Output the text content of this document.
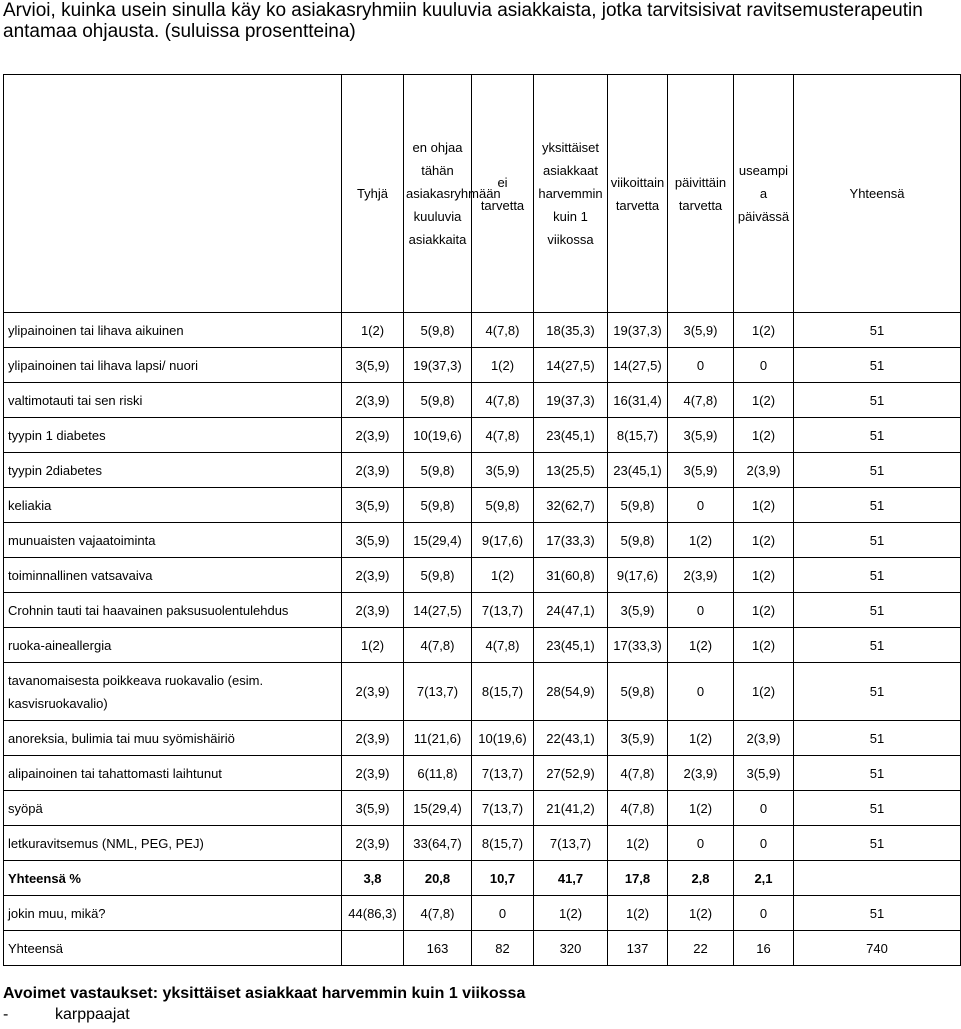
Arvioi, kuinka usein sinulla käy ko asiakasryhmiin kuuluvia asiakkaista, jotka tarvitsisivat ravitsemusterapeutin antamaa ohjausta. (suluissa prosentteina)
	Tyhjä	en ohjaa tähän asiakasryhmään kuuluvia asiakkaita	ei tarvetta	yksittäiset asiakkaat harvemmin kuin 1 viikossa	viikoittain tarvetta	päivittäin tarvetta	useampi a päivässä	Yhteensä
ylipainoinen tai lihava aikuinen	1(2)	5(9,8)	4(7,8)	18(35,3)	19(37,3)	3(5,9)	1(2)	51
ylipainoinen tai lihava lapsi/ nuori	3(5,9)	19(37,3)	1(2)	14(27,5)	14(27,5)	0	0	51
valtimotauti tai sen riski	2(3,9)	5(9,8)	4(7,8)	19(37,3)	16(31,4)	4(7,8)	1(2)	51
tyypin 1 diabetes	2(3,9)	10(19,6)	4(7,8)	23(45,1)	8(15,7)	3(5,9)	1(2)	51
tyypin 2diabetes	2(3,9)	5(9,8)	3(5,9)	13(25,5)	23(45,1)	3(5,9)	2(3,9)	51
keliakia	3(5,9)	5(9,8)	5(9,8)	32(62,7)	5(9,8)	0	1(2)	51
munuaisten vajaatoiminta	3(5,9)	15(29,4)	9(17,6)	17(33,3)	5(9,8)	1(2)	1(2)	51
toiminnallinen vatsavaiva	2(3,9)	5(9,8)	1(2)	31(60,8)	9(17,6)	2(3,9)	1(2)	51
Crohnin tauti tai haavainen paksusuolentulehdus	2(3,9)	14(27,5)	7(13,7)	24(47,1)	3(5,9)	0	1(2)	51
ruoka-aineallergia	1(2)	4(7,8)	4(7,8)	23(45,1)	17(33,3)	1(2)	1(2)	51
tavanomaisesta poikkeava ruokavalio (esim. kasvisruokavalio)	2(3,9)	7(13,7)	8(15,7)	28(54,9)	5(9,8)	0	1(2)	51
anoreksia, bulimia tai muu syömishäiriö	2(3,9)	11(21,6)	10(19,6)	22(43,1)	3(5,9)	1(2)	2(3,9)	51
alipainoinen tai tahattomasti laihtunut	2(3,9)	6(11,8)	7(13,7)	27(52,9)	4(7,8)	2(3,9)	3(5,9)	51
syöpä	3(5,9)	15(29,4)	7(13,7)	21(41,2)	4(7,8)	1(2)	0	51
letkuravitsemus (NML, PEG, PEJ)	2(3,9)	33(64,7)	8(15,7)	7(13,7)	1(2)	0	0	51
Yhteensä %	3,8	20,8	10,7	41,7	17,8	2,8	2,1	
jokin muu, mikä?	44(86,3)	4(7,8)	0	1(2)	1(2)	1(2)	0	51
Yhteensä		163	82	320	137	22	16	740
Avoimet vastaukset: yksittäiset asiakkaat harvemmin kuin 1 viikossa
-	karppaajat
